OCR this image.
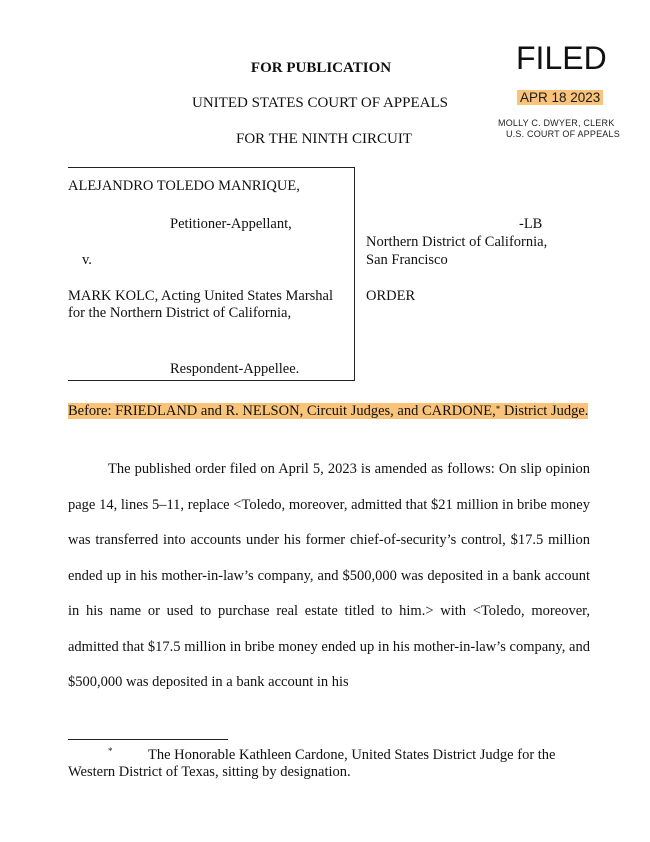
FOR PUBLICATION
UNITED STATES COURT OF APPEALS
FOR THE NINTH CIRCUIT
FILED
APR 18 2023
MOLLY C. DWYER, CLERK
U.S. COURT OF APPEALS
ALEJANDRO TOLEDO MANRIQUE,
Petitioner-Appellant,
v.
MARK KOLC, Acting United States Marshal for the Northern District of California,
Respondent-Appellee.
-LB
Northern District of California,
San Francisco
ORDER
Before: FRIEDLAND and R. NELSON, Circuit Judges, and CARDONE,* District Judge.

The published order filed on April 5, 2023 is amended as follows: On slip opinion page 14, lines 5–11, replace <Toledo, moreover, admitted that $21 million in bribe money was transferred into accounts under his former chief-of-security’s control, $17.5 million ended up in his mother-in-law’s company, and $500,000 was deposited in a bank account in his name or used to purchase real estate titled to him.> with <Toledo, moreover, admitted that $17.5 million in bribe money ended up in his mother-in-law’s company, and $500,000 was deposited in a bank account in his

*	The Honorable Kathleen Cardone, United States District Judge for the Western District of Texas, sitting by designation.
